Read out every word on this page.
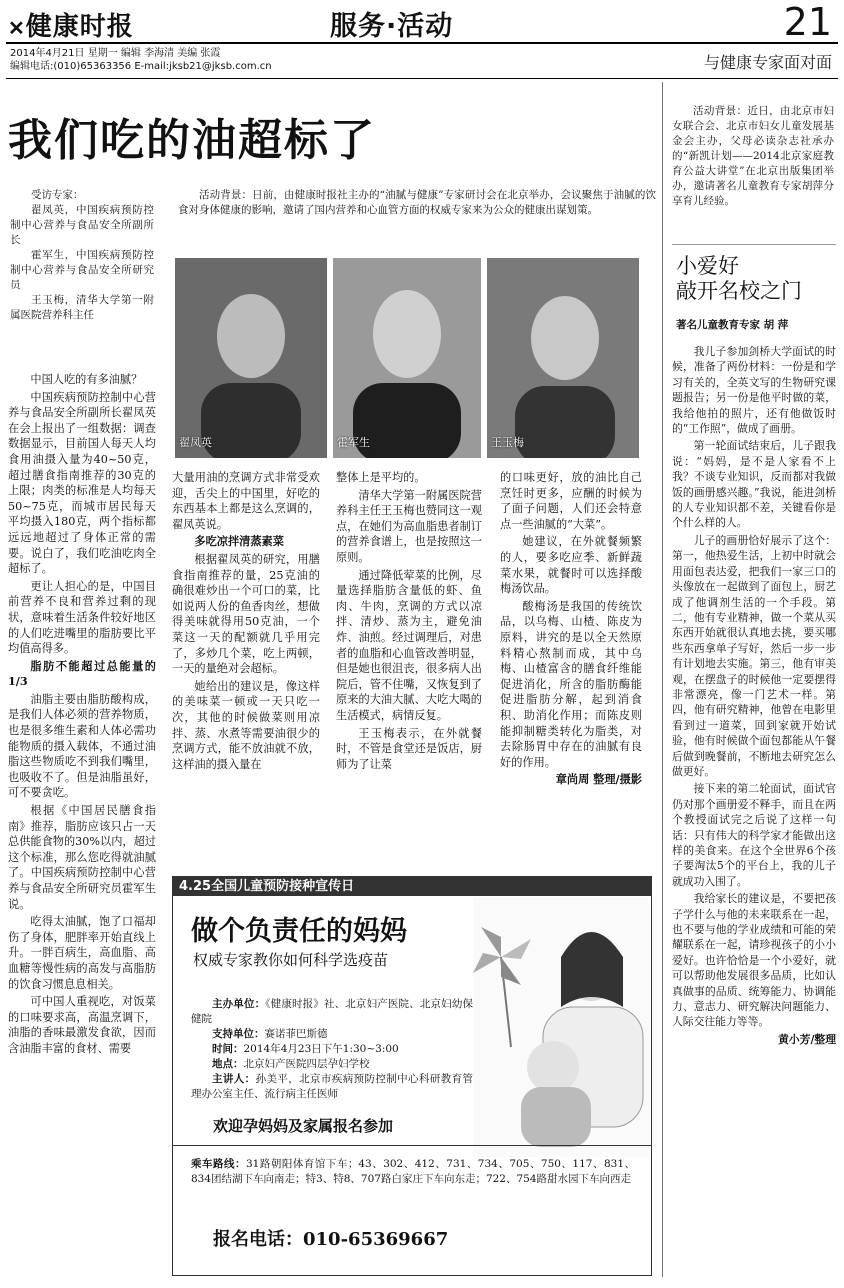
✕健康时报	服务·活动	21
2014年4月21日 星期一 编辑 李海清 美编 张霞
编辑电话:(010)65363356 E-mail:jksb21@jksb.com.cn	与健康专家面对面
我们吃的油超标了
受访专家：
翟凤英，中国疾病预防控制中心营养与食品安全所副所长
霍军生，中国疾病预防控制中心营养与食品安全所研究员
王玉梅，清华大学第一附属医院营养科主任
活动背景：日前，由健康时报社主办的“油腻与健康”专家研讨会在北京举办，会议聚焦于油腻的饮食对身体健康的影响，邀请了国内营养和心血管方面的权威专家来为公众的健康出谋划策。
翟凤英	霍军生	王玉梅

中国人吃的有多油腻？

中国疾病预防控制中心营养与食品安全所副所长翟凤英在会上报出了一组数据：调查数据显示，目前国人每天人均食用油摄入量为40~50克，超过膳食指南推荐的30克的上限；肉类的标准是人均每天50~75克，而城市居民每天平均摄入180克，两个指标都远远地超过了身体正常的需要。说白了，我们吃油吃肉全超标了。

更让人担心的是，中国目前营养不良和营养过剩的现状，意味着生活条件较好地区的人们吃进嘴里的脂肪要比平均值高得多。

脂肪不能超过总能量的1/3

油脂主要由脂肪酸构成，是我们人体必须的营养物质，也是很多维生素和人体必需功能物质的摄入载体，不通过油脂这些物质吃不到我们嘴里，也吸收不了。但是油脂虽好，可不要贪吃。

根据《中国居民膳食指南》推荐，脂肪应该只占一天总供能食物的30%以内，超过这个标准，那么您吃得就油腻了。中国疾病预防控制中心营养与食品安全所研究员霍军生说。

吃得太油腻，饱了口福却伤了身体，肥胖率开始直线上升。一胖百病生，高血脂、高血糖等慢性病的高发与高脂肪的饮食习惯息息相关。

可中国人重视吃，对饭菜的口味要求高，高温烹调下，油脂的香味最激发食欲，因而含油脂丰富的食材、需要

大量用油的烹调方式非常受欢迎，舌尖上的中国里，好吃的东西基本上都是这么烹调的，翟凤英说。

多吃凉拌清蒸素菜

根据翟凤英的研究，用膳食指南推荐的量，25克油的确很难炒出一个可口的菜，比如说两人份的鱼香肉丝，想做得美味就得用50克油，一个菜这一天的配额就几乎用完了，多炒几个菜，吃上两顿，一天的量绝对会超标。

她给出的建议是，像这样的美味菜一顿或一天只吃一次，其他的时候做菜则用凉拌、蒸、水煮等需要油很少的烹调方式，能不放油就不放，这样油的摄入量在

整体上是平均的。

清华大学第一附属医院营养科主任王玉梅也赞同这一观点，在她们为高血脂患者制订的营养食谱上，也是按照这一原则。

通过降低荤菜的比例，尽量选择脂肪含量低的虾、鱼肉、牛肉，烹调的方式以凉拌、清炒、蒸为主，避免油炸、油煎。经过调理后，对患者的血脂和心血管改善明显，但是她也很沮丧，很多病人出院后，管不住嘴，又恢复到了原来的大油大腻、大吃大喝的生活模式，病情反复。

王玉梅表示，在外就餐时，不管是食堂还是饭店，厨师为了让菜

的口味更好，放的油比自己烹饪时更多，应酬的时候为了面子问题，人们还会特意点一些油腻的“大菜”。

她建议，在外就餐频繁的人，要多吃应季、新鲜蔬菜水果，就餐时可以选择酸梅汤饮品。

酸梅汤是我国的传统饮品，以乌梅、山楂、陈皮为原料，讲究的是以全天然原料精心熬制而成，其中乌梅、山楂富含的膳食纤维能促进消化，所含的脂肪酶能促进脂肪分解，起到消食积、助消化作用；而陈皮则能抑制糖类转化为脂类，对去除肠胃中存在的油腻有良好的作用。

章尚周 整理/摄影

4.25全国儿童预防接种宣传日
做个负责任的妈妈
权威专家教你如何科学选疫苗
主办单位：《健康时报》社、北京妇产医院、北京妇幼保健院
支持单位：赛诺菲巴斯德
时间：2014年4月23日下午1:30~3:00
地点：北京妇产医院四层孕妇学校
主讲人：孙美平，北京市疾病预防控制中心科研教育管理办公室主任、流行病主任医师
欢迎孕妈妈及家属报名参加
乘车路线：31路朝阳体育馆下车；43、302、412、731、734、705、750、117、831、834团结湖下车向南走；特3、特8、707路白家庄下车向东走；722、754路甜水园下车向西走
报名电话：010-65369667
活动背景：近日，由北京市妇女联合会、北京市妇女儿童发展基金会主办，父母必读杂志社承办的“新凯计划——2014北京家庭教育公益大讲堂”在北京出版集团举办，邀请著名儿童教育专家胡萍分享育儿经验。
小爱好
敲开名校之门
著名儿童教育专家 胡 萍

我儿子参加剑桥大学面试的时候，准备了两份材料：一份是和学习有关的，全英文写的生物研究课题报告；另一份是他平时做的菜，我给他拍的照片，还有他做饭时的“工作照”，做成了画册。

第一轮面试结束后，儿子跟我说：“妈妈，是不是人家看不上我？不谈专业知识，反而都对我做饭的画册感兴趣。”我说，能进剑桥的人专业知识都不差，关键看你是个什么样的人。

儿子的画册恰好展示了这个：第一，他热爱生活，上初中时就会用面包表达爱，把我们一家三口的头像放在一起做到了面包上，厨艺成了他调剂生活的一个手段。第二，他有专业精神，做一个菜从买东西开始就很认真地去挑，要买哪些东西拿单子写好，然后一步一步有计划地去实施。第三，他有审美观，在摆盘子的时候他一定要摆得非常漂亮，像一门艺术一样。第四，他有研究精神，他曾在电影里看到过一道菜，回到家就开始试验，他有时候做个面包都能从午餐后做到晚餐前，不断地去研究怎么做更好。

接下来的第二轮面试，面试官仍对那个画册爱不释手，而且在两个教授面试完之后说了这样一句话：只有伟大的科学家才能做出这样的美食来。在这个全世界6个孩子要淘汰5个的平台上，我的儿子就成功入围了。

我给家长的建议是，不要把孩子学什么与他的未来联系在一起，也不要与他的学业成绩和可能的荣耀联系在一起，请珍视孩子的小小爱好。也许恰恰是一个小爱好，就可以帮助他发展很多品质，比如认真做事的品质、统筹能力、协调能力、意志力、研究解决问题能力、人际交往能力等等。

黄小芳/整理
